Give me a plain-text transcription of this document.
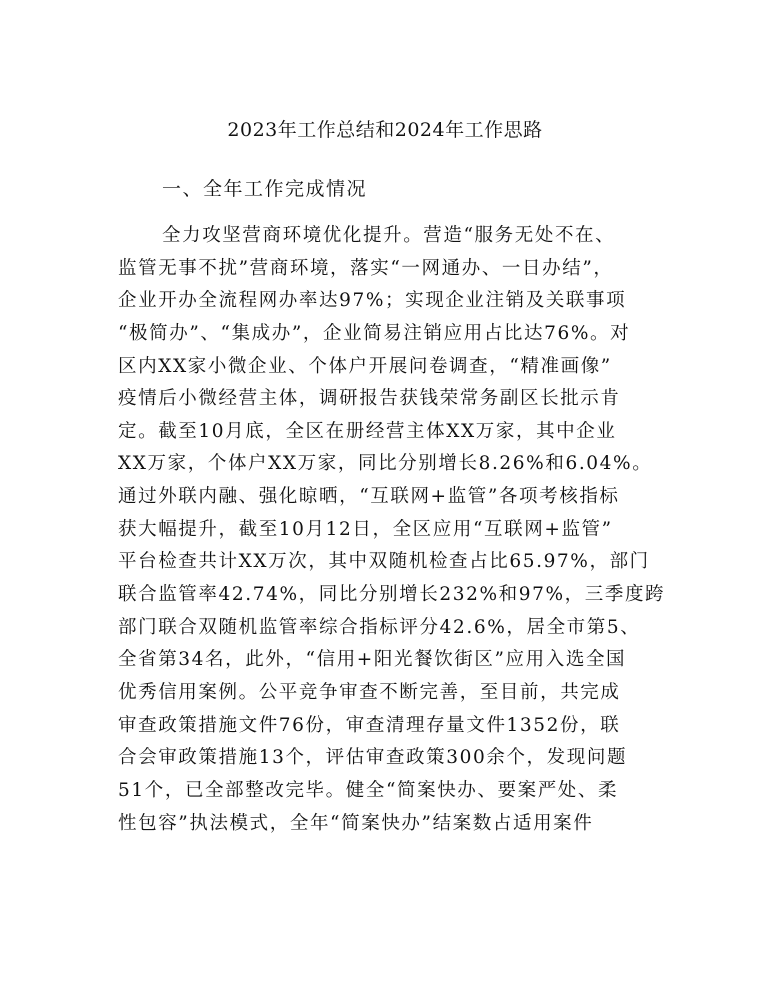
2023年工作总结和2024年工作思路
一、全年工作完成情况
全力攻坚营商环境优化提升。营造“服务无处不在、
监管无事不扰”营商环境，落实“一网通办、一日办结”，
企业开办全流程网办率达97%；实现企业注销及关联事项
“极简办”、“集成办”，企业简易注销应用占比达76%。对
区内XX家小微企业、个体户开展问卷调查，“精准画像”
疫情后小微经营主体，调研报告获钱荣常务副区长批示肯
定。截至10月底，全区在册经营主体XX万家，其中企业
XX万家，个体户XX万家，同比分别增长8.26%和6.04%。
通过外联内融、强化晾晒，“互联网+监管”各项考核指标
获大幅提升，截至10月12日，全区应用“互联网+监管”
平台检查共计XX万次，其中双随机检查占比65.97%，部门
联合监管率42.74%，同比分别增长232%和97%，三季度跨
部门联合双随机监管率综合指标评分42.6%，居全市第5、
全省第34名，此外，“信用+阳光餐饮街区”应用入选全国
优秀信用案例。公平竞争审查不断完善，至目前，共完成
审查政策措施文件76份，审查清理存量文件1352份，联
合会审政策措施13个，评估审查政策300余个，发现问题
51个，已全部整改完毕。健全“简案快办、要案严处、柔
性包容”执法模式，全年“简案快办”结案数占适用案件
